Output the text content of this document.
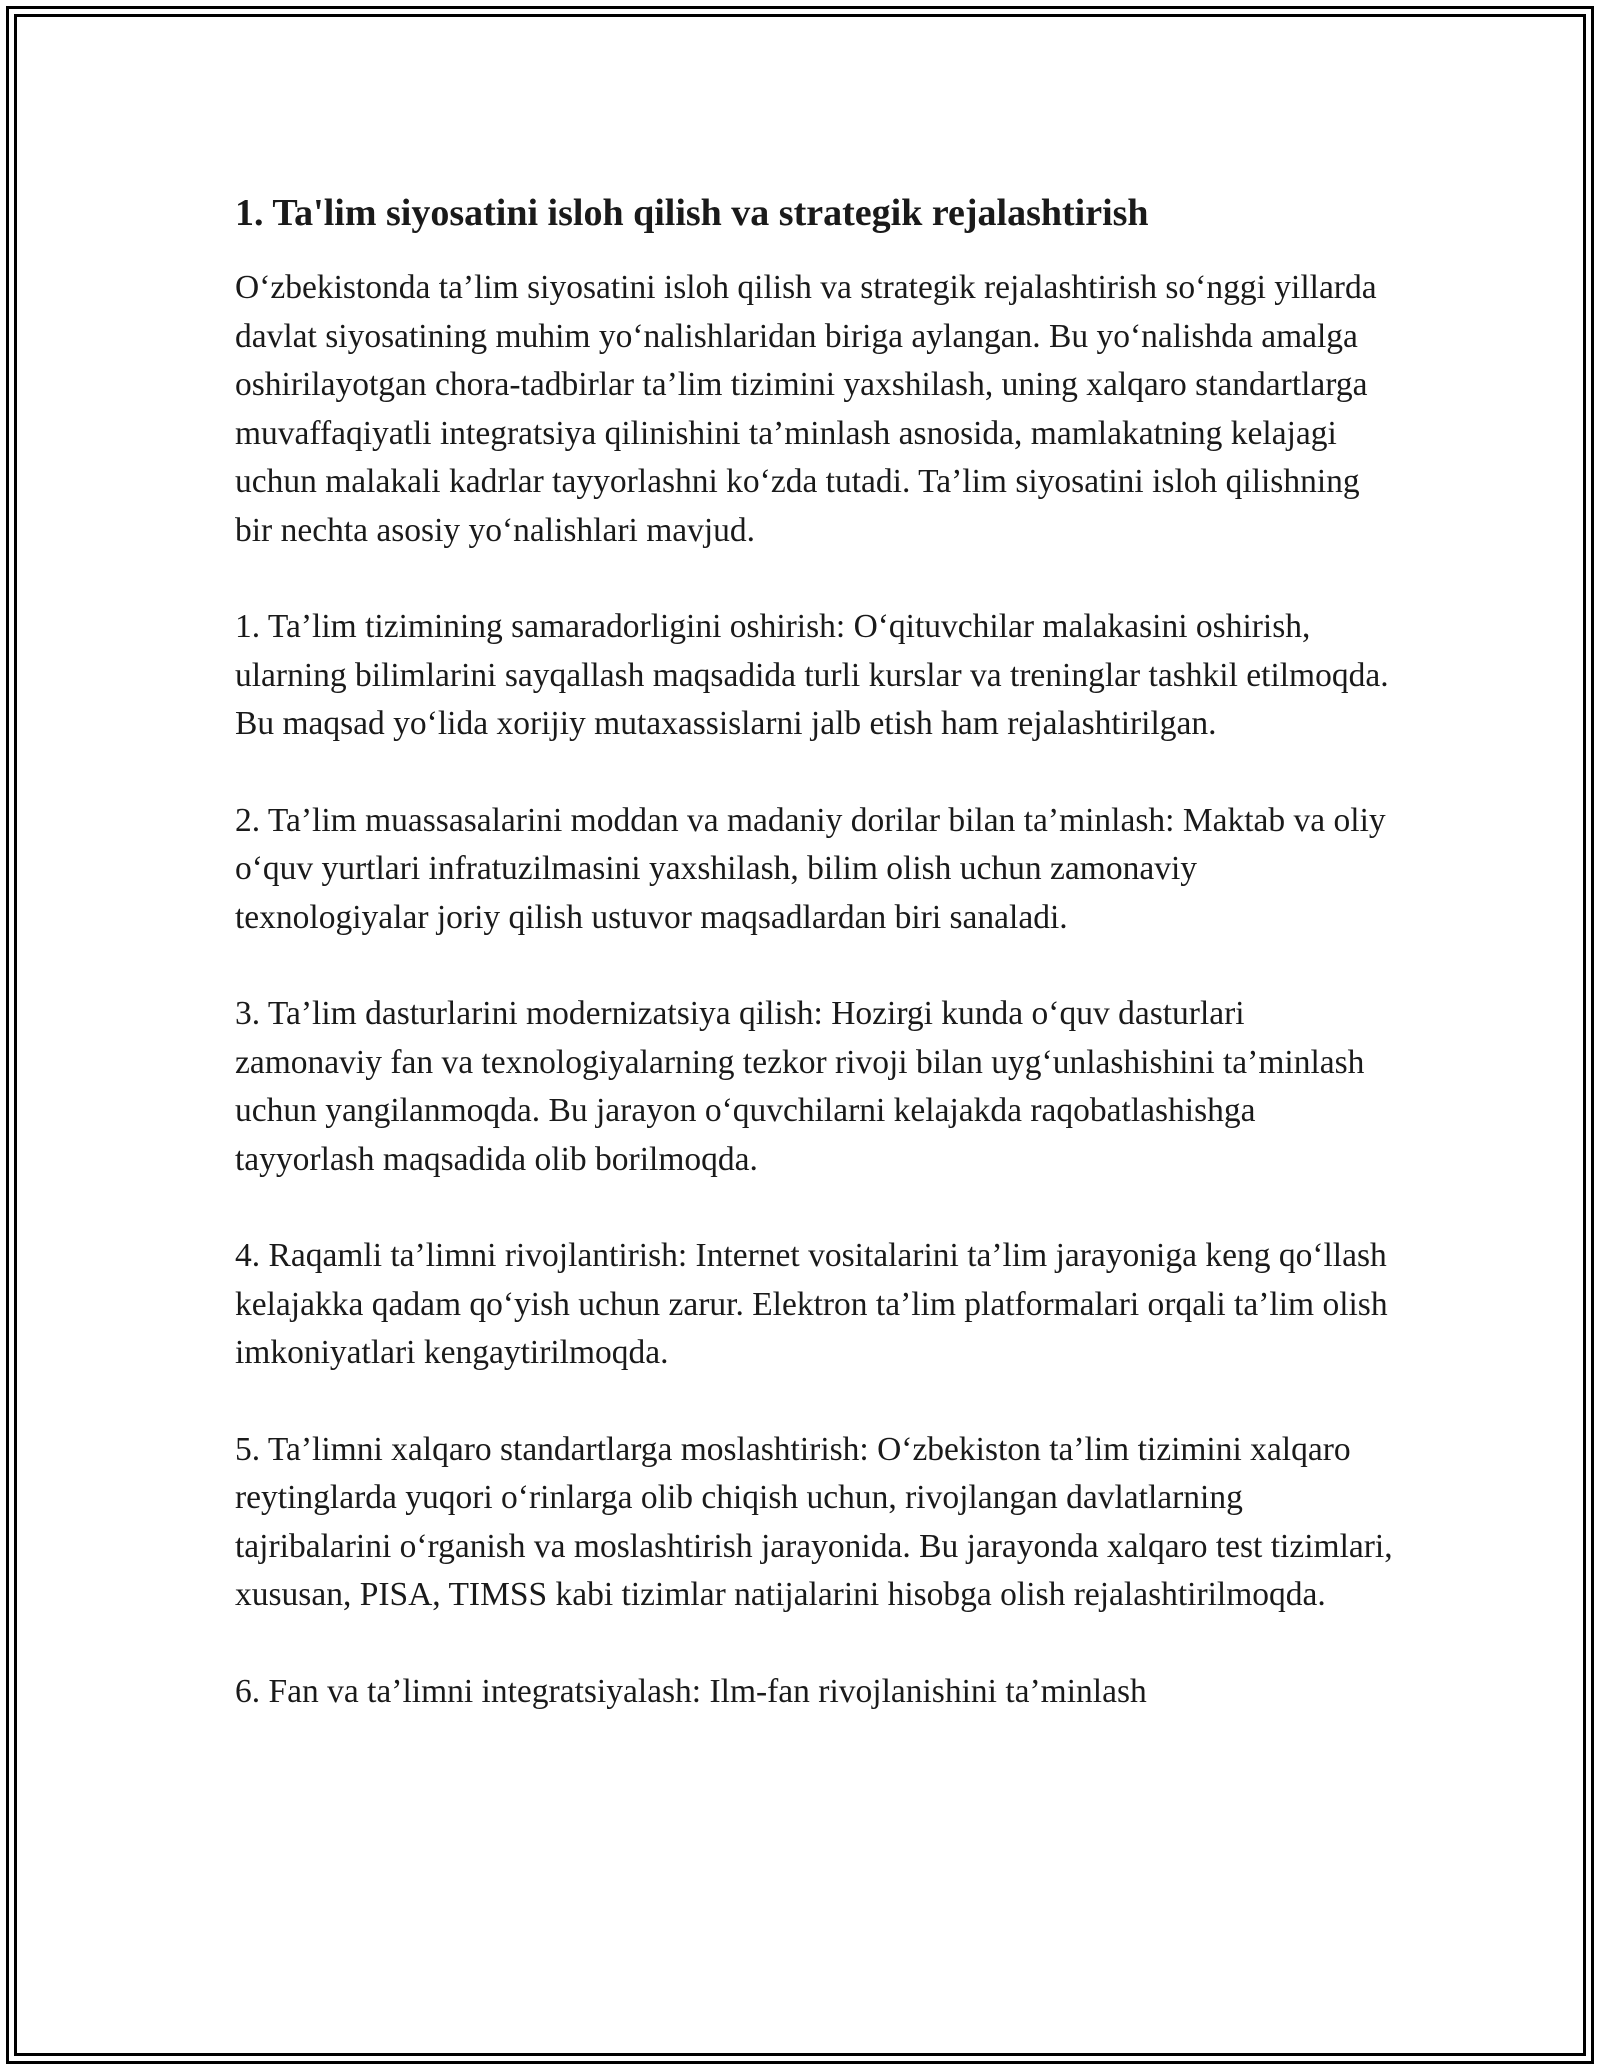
1. Ta'lim siyosatini isloh qilish va strategik rejalashtirish

O‘zbekistonda ta’lim siyosatini isloh qilish va strategik rejalashtirish so‘nggi yillarda davlat siyosatining muhim yo‘nalishlaridan biriga aylangan. Bu yo‘nalishda amalga oshirilayotgan chora-tadbirlar ta’lim tizimini yaxshilash, uning xalqaro standartlarga muvaffaqiyatli integratsiya qilinishini ta’minlash asnosida, mamlakatning kelajagi uchun malakali kadrlar tayyorlashni ko‘zda tutadi. Ta’lim siyosatini isloh qilishning bir nechta asosiy yo‘nalishlari mavjud.

1. Ta’lim tizimining samaradorligini oshirish: O‘qituvchilar malakasini oshirish, ularning bilimlarini sayqallash maqsadida turli kurslar va treninglar tashkil etilmoqda. Bu maqsad yo‘lida xorijiy mutaxassislarni jalb etish ham rejalashtirilgan.

2. Ta’lim muassasalarini moddan va madaniy dorilar bilan ta’minlash: Maktab va oliy o‘quv yurtlari infratuzilmasini yaxshilash, bilim olish uchun zamonaviy texnologiyalar joriy qilish ustuvor maqsadlardan biri sanaladi.

3. Ta’lim dasturlarini modernizatsiya qilish: Hozirgi kunda o‘quv dasturlari zamonaviy fan va texnologiyalarning tezkor rivoji bilan uyg‘unlashishini ta’minlash uchun yangilanmoqda. Bu jarayon o‘quvchilarni kelajakda raqobatlashishga tayyorlash maqsadida olib borilmoqda.

4. Raqamli ta’limni rivojlantirish: Internet vositalarini ta’lim jarayoniga keng qo‘llash kelajakka qadam qo‘yish uchun zarur. Elektron ta’lim platformalari orqali ta’lim olish imkoniyatlari kengaytirilmoqda.

5. Ta’limni xalqaro standartlarga moslashtirish: O‘zbekiston ta’lim tizimini xalqaro reytinglarda yuqori o‘rinlarga olib chiqish uchun, rivojlangan davlatlarning tajribalarini o‘rganish va moslashtirish jarayonida. Bu jarayonda xalqaro test tizimlari, xususan, PISA, TIMSS kabi tizimlar natijalarini hisobga olish rejalashtirilmoqda.

6. Fan va ta’limni integratsiyalash: Ilm-fan rivojlanishini ta’minlash
